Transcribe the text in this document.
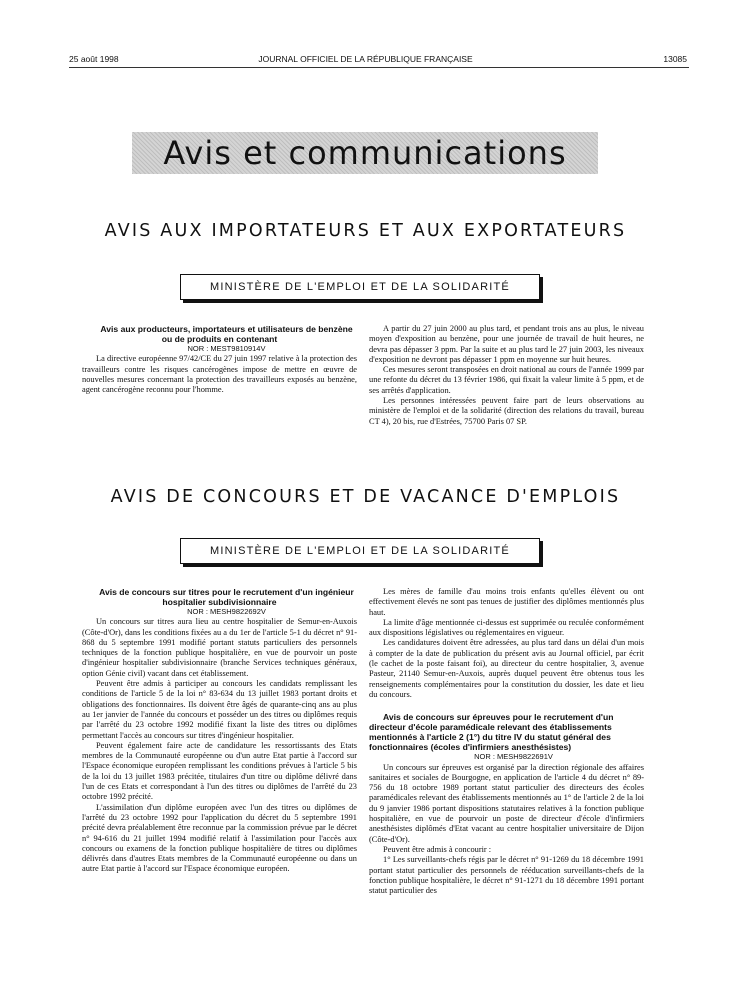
25 août 1998	JOURNAL OFFICIEL DE LA RÉPUBLIQUE FRANÇAISE	13085
Avis et communications
AVIS AUX IMPORTATEURS ET AUX EXPORTATEURS
MINISTÈRE DE L'EMPLOI ET DE LA SOLIDARITÉ

Avis aux producteurs, importateurs et utilisateurs de benzène ou de produits en contenant

NOR : MESТ9810914V

La directive européenne 97/42/CE du 27 juin 1997 relative à la protection des travailleurs contre les risques cancérogènes impose de mettre en œuvre de nouvelles mesures concernant la protection des travailleurs exposés au benzène, agent cancérogène reconnu pour l'homme.

A partir du 27 juin 2000 au plus tard, et pendant trois ans au plus, le niveau moyen d'exposition au benzène, pour une journée de travail de huit heures, ne devra pas dépasser 3 ppm. Par la suite et au plus tard le 27 juin 2003, les niveaux d'exposition ne devront pas dépasser 1 ppm en moyenne sur huit heures.

Ces mesures seront transposées en droit national au cours de l'année 1999 par une refonte du décret du 13 février 1986, qui fixait la valeur limite à 5 ppm, et de ses arrêtés d'application.

Les personnes intéressées peuvent faire part de leurs observations au ministère de l'emploi et de la solidarité (direction des relations du travail, bureau CT 4), 20 bis, rue d'Estrées, 75700 Paris 07 SP.

AVIS DE CONCOURS ET DE VACANCE D'EMPLOIS
MINISTÈRE DE L'EMPLOI ET DE LA SOLIDARITÉ

Avis de concours sur titres pour le recrutement d'un ingénieur hospitalier subdivisionnaire

NOR : MESH9822692V

Un concours sur titres aura lieu au centre hospitalier de Semur-en-Auxois (Côte-d'Or), dans les conditions fixées au a du 1er de l'article 5-1 du décret n° 91-868 du 5 septembre 1991 modifié portant statuts particuliers des personnels techniques de la fonction publique hospitalière, en vue de pourvoir un poste d'ingénieur hospitalier subdivisionnaire (branche Services techniques généraux, option Génie civil) vacant dans cet établissement.

Peuvent être admis à participer au concours les candidats remplissant les conditions de l'article 5 de la loi n° 83-634 du 13 juillet 1983 portant droits et obligations des fonctionnaires. Ils doivent être âgés de quarante-cinq ans au plus au 1er janvier de l'année du concours et posséder un des titres ou diplômes requis par l'arrêté du 23 octobre 1992 modifié fixant la liste des titres ou diplômes permettant l'accès au concours sur titres d'ingénieur hospitalier.

Peuvent également faire acte de candidature les ressortissants des Etats membres de la Communauté européenne ou d'un autre Etat partie à l'accord sur l'Espace économique européen remplissant les conditions prévues à l'article 5 bis de la loi du 13 juillet 1983 précitée, titulaires d'un titre ou diplôme délivré dans l'un de ces Etats et correspondant à l'un des titres ou diplômes de l'arrêté du 23 octobre 1992 précité.

L'assimilation d'un diplôme européen avec l'un des titres ou diplômes de l'arrêté du 23 octobre 1992 pour l'application du décret du 5 septembre 1991 précité devra préalablement être reconnue par la commission prévue par le décret n° 94-616 du 21 juillet 1994 modifié relatif à l'assimilation pour l'accès aux concours ou examens de la fonction publique hospitalière de titres ou diplômes délivrés dans d'autres Etats membres de la Communauté européenne ou dans un autre Etat partie à l'accord sur l'Espace économique européen.

Les mères de famille d'au moins trois enfants qu'elles élèvent ou ont effectivement élevés ne sont pas tenues de justifier des diplômes mentionnés plus haut.

La limite d'âge mentionnée ci-dessus est supprimée ou reculée conformément aux dispositions législatives ou réglementaires en vigueur.

Les candidatures doivent être adressées, au plus tard dans un délai d'un mois à compter de la date de publication du présent avis au Journal officiel, par écrit (le cachet de la poste faisant foi), au directeur du centre hospitalier, 3, avenue Pasteur, 21140 Semur-en-Auxois, auprès duquel peuvent être obtenus tous les renseignements complémentaires pour la constitution du dossier, les date et lieu du concours.

Avis de concours sur épreuves pour le recrutement d'un directeur d'école paramédicale relevant des établissements mentionnés à l'article 2 (1°) du titre IV du statut général des fonctionnaires (écoles d'infirmiers anesthésistes)

NOR : MESH9822691V

Un concours sur épreuves est organisé par la direction régionale des affaires sanitaires et sociales de Bourgogne, en application de l'article 4 du décret n° 89-756 du 18 octobre 1989 portant statut particulier des directeurs des écoles paramédicales relevant des établissements mentionnés au 1° de l'article 2 de la loi du 9 janvier 1986 portant dispositions statutaires relatives à la fonction publique hospitalière, en vue de pourvoir un poste de directeur d'école d'infirmiers anesthésistes diplômés d'Etat vacant au centre hospitalier universitaire de Dijon (Côte-d'Or).

Peuvent être admis à concourir :

1° Les surveillants-chefs régis par le décret n° 91-1269 du 18 décembre 1991 portant statut particulier des personnels de rééducation surveillants-chefs de la fonction publique hospitalière, le décret n° 91-1271 du 18 décembre 1991 portant statut particulier des
